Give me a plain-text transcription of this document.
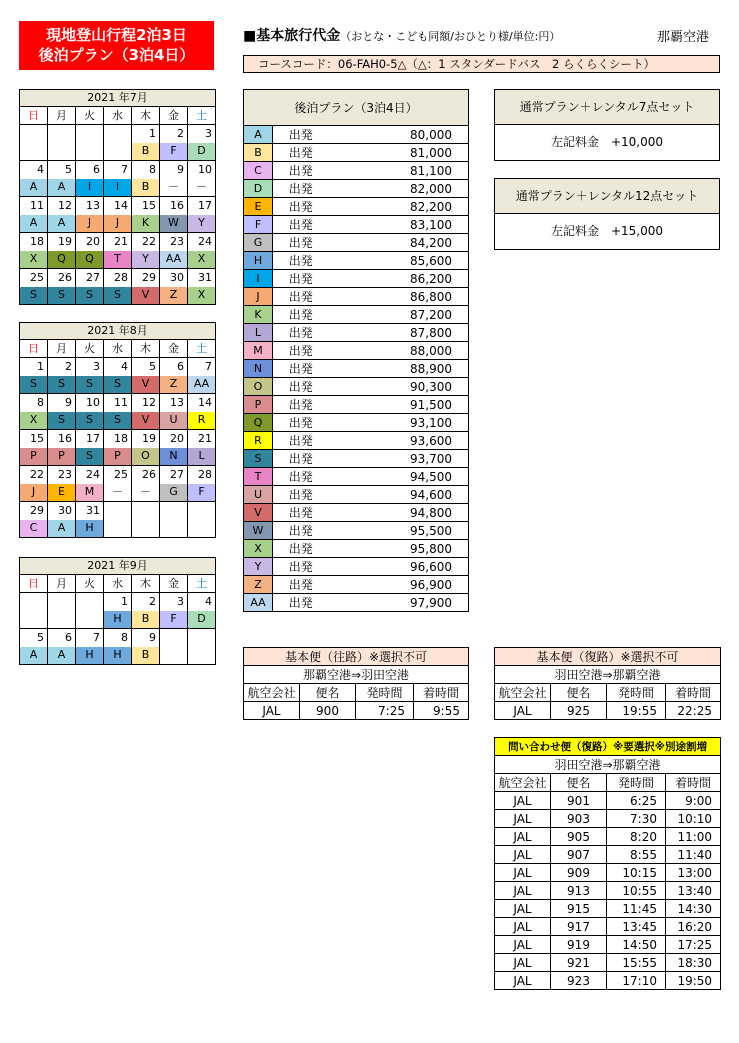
現地登山行程2泊3日
後泊プラン（3泊4日）
■基本旅行代金（おとな・こども同額/おひとり様/単位:円）	那覇空港
コースコード：06-FAH0-5△（△：1 スタンダードバス　2 らくらくシート）
2021 年7月						
日	月	火	水	木	金	土
				1	2	3
				B	F	D
4	5	6	7	8	9	10
A	A	I	I	B	－	－
11	12	13	14	15	16	17
A	A	J	J	K	W	Y
18	19	20	21	22	23	24
X	Q	Q	T	Y	AA	X
25	26	27	28	29	30	31
S	S	S	S	V	Z	X
2021 年8月						
日	月	火	水	木	金	土
1	2	3	4	5	6	7
S	S	S	S	V	Z	AA
8	9	10	11	12	13	14
X	S	S	S	V	U	R
15	16	17	18	19	20	21
P	P	S	P	O	N	L
22	23	24	25	26	27	28
J	E	M	－	－	G	F
29	30	31				
C	A	H				
2021 年9月						
日	月	火	水	木	金	土
			1	2	3	4
			H	B	F	D
5	6	7	8	9		
A	A	H	H	B		
後泊プラン（3泊4日）		
A	出発	80,000
B	出発	81,000
C	出発	81,100
D	出発	82,000
E	出発	82,200
F	出発	83,100
G	出発	84,200
H	出発	85,600
I	出発	86,200
J	出発	86,800
K	出発	87,200
L	出発	87,800
M	出発	88,000
N	出発	88,900
O	出発	90,300
P	出発	91,500
Q	出発	93,100
R	出発	93,600
S	出発	93,700
T	出発	94,500
U	出発	94,600
V	出発	94,800
W	出発	95,500
X	出発	95,800
Y	出発	96,600
Z	出発	96,900
AA	出発	97,900
通常プラン＋レンタル7点セット
左記料金　+10,000
通常プラン＋レンタル12点セット
左記料金　+15,000
基本便（往路）※選択不可			
那覇空港⇒羽田空港			
航空会社	便名	発時間	着時間
JAL	900	7:25	9:55
基本便（復路）※選択不可			
羽田空港⇒那覇空港			
航空会社	便名	発時間	着時間
JAL	925	19:55	22:25
問い合わせ便（復路）※要選択※別途割増			
羽田空港⇒那覇空港			
航空会社	便名	発時間	着時間
JAL	901	6:25	9:00
JAL	903	7:30	10:10
JAL	905	8:20	11:00
JAL	907	8:55	11:40
JAL	909	10:15	13:00
JAL	913	10:55	13:40
JAL	915	11:45	14:30
JAL	917	13:45	16:20
JAL	919	14:50	17:25
JAL	921	15:55	18:30
JAL	923	17:10	19:50
